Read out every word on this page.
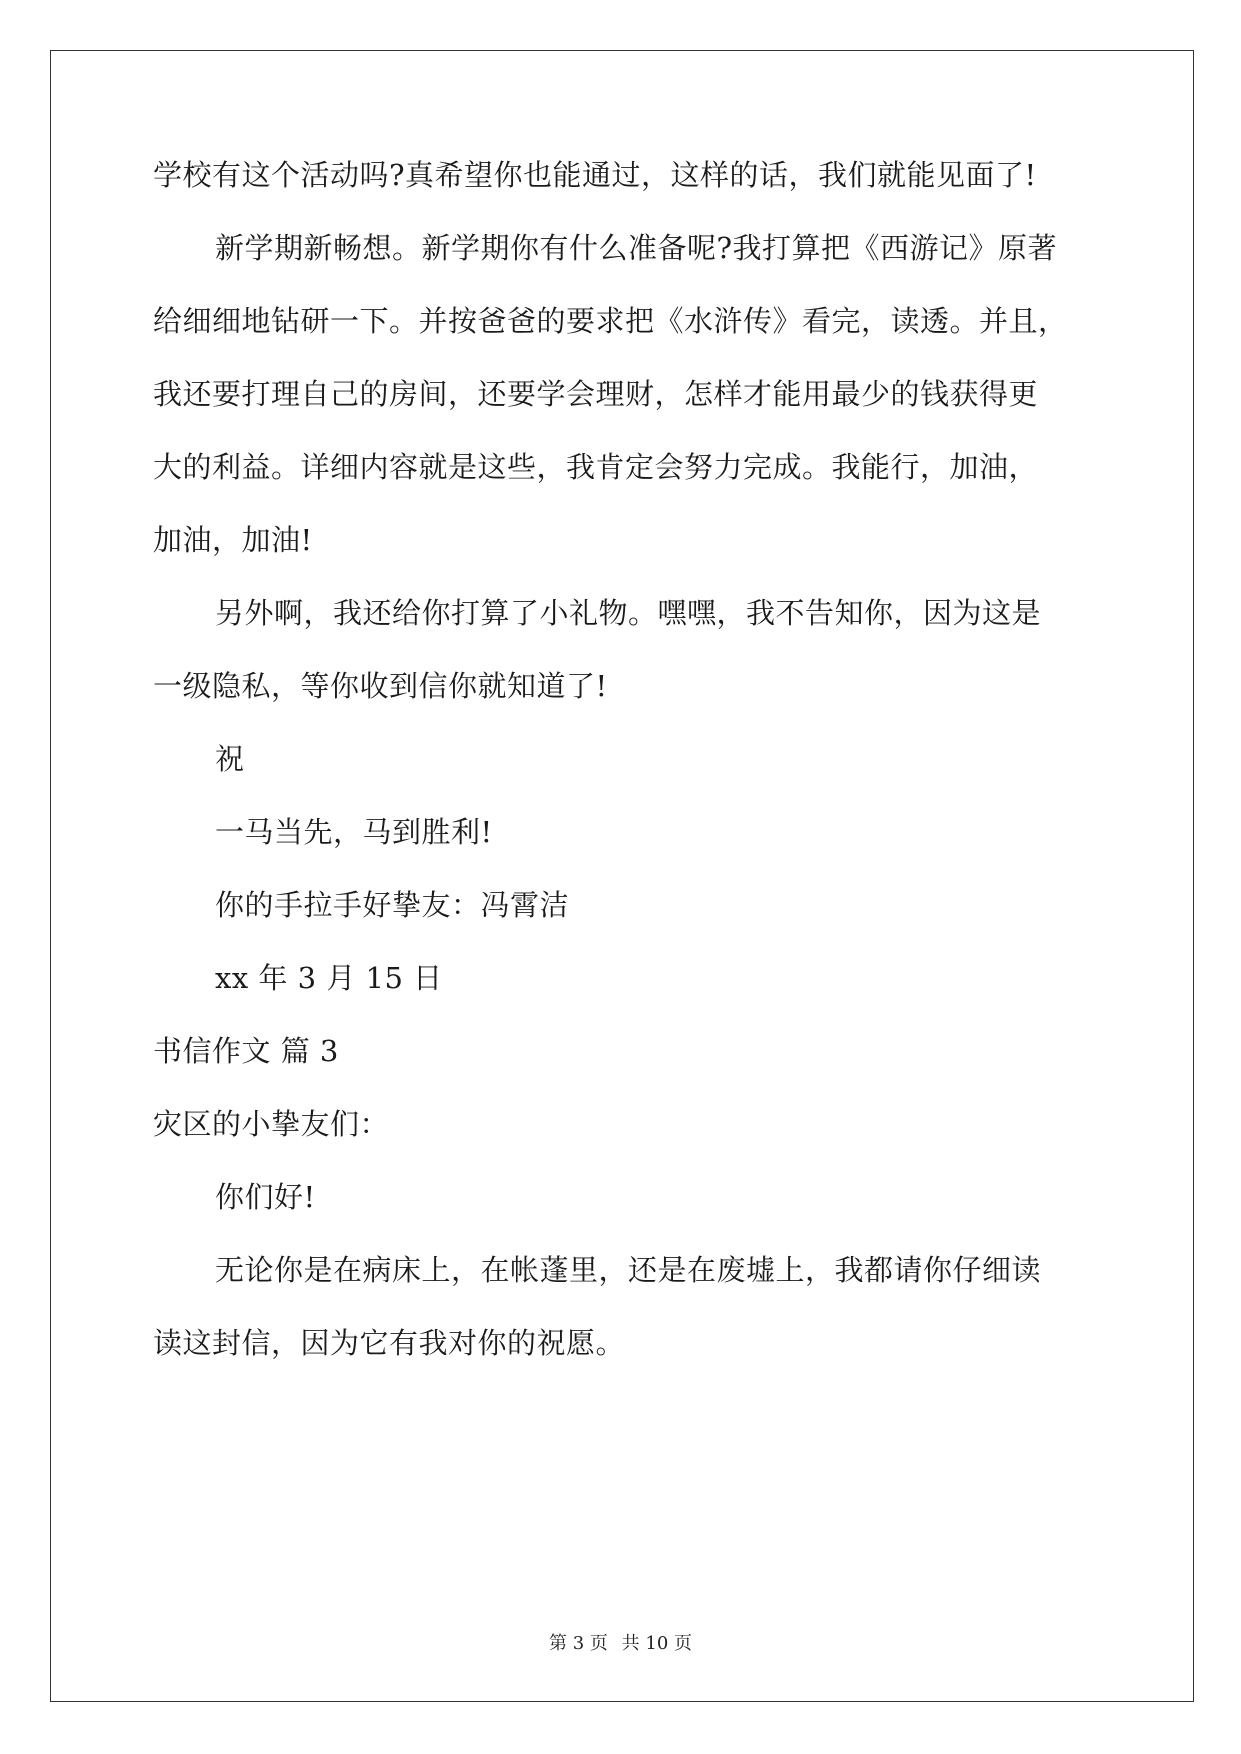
学校有这个活动吗?真希望你也能通过，这样的话，我们就能见面了!
新学期新畅想。新学期你有什么准备呢?我打算把《西游记》原著
给细细地钻研一下。并按爸爸的要求把《水浒传》看完，读透。并且，
我还要打理自己的房间，还要学会理财，怎样才能用最少的钱获得更
大的利益。详细内容就是这些，我肯定会努力完成。我能行，加油，
加油，加油!
另外啊，我还给你打算了小礼物。嘿嘿，我不告知你，因为这是
一级隐私，等你收到信你就知道了!
祝
一马当先，马到胜利!
你的手拉手好挚友：冯霄洁
xx 年 3 月 15 日
书信作文 篇 3
灾区的小挚友们：
你们好!
无论你是在病床上，在帐蓬里，还是在废墟上，我都请你仔细读
读这封信，因为它有我对你的祝愿。
第 3 页 共 10 页
